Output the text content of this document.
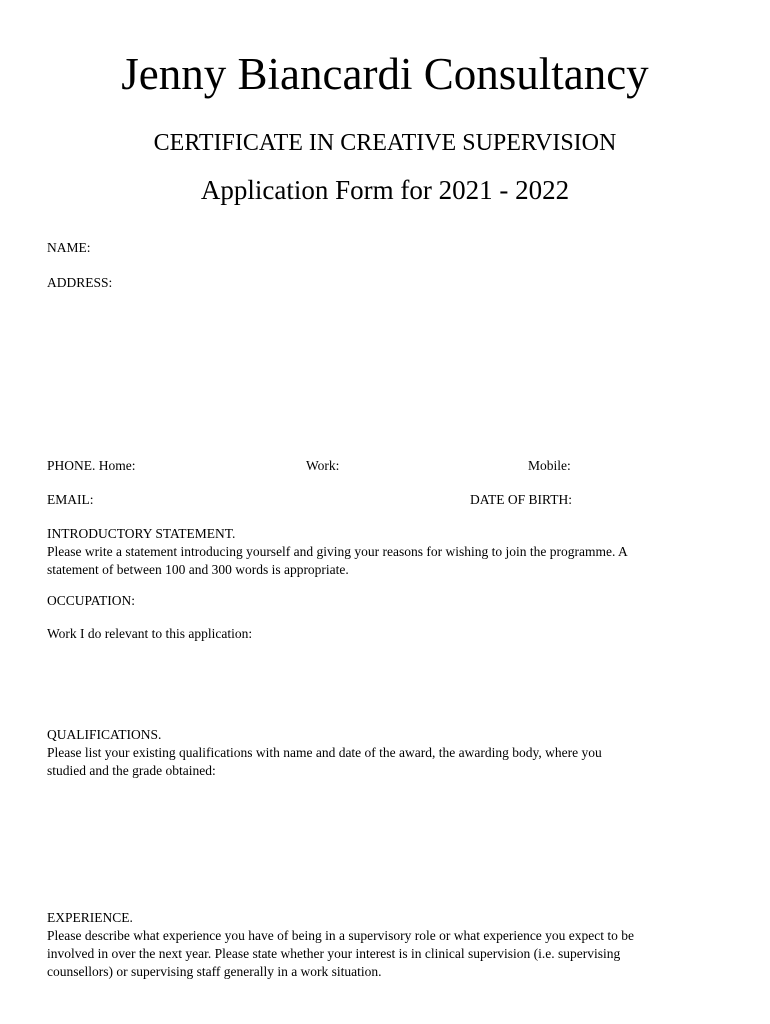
Jenny Biancardi Consultancy
CERTIFICATE IN CREATIVE SUPERVISION
Application Form for 2021 - 2022
NAME:
ADDRESS:
PHONE. Home:	Work:	Mobile:
EMAIL:	DATE OF BIRTH:
INTRODUCTORY STATEMENT.
Please write a statement introducing yourself and giving your reasons for wishing to join the programme. A
statement of between 100 and 300 words is appropriate.
OCCUPATION:
Work I do relevant to this application:
QUALIFICATIONS.
Please list your existing qualifications with name and date of the award, the awarding body, where you
studied and the grade obtained:
EXPERIENCE.
Please describe what experience you have of being in a supervisory role or what experience you expect to be
involved in over the next year. Please state whether your interest is in clinical supervision (i.e. supervising
counsellors) or supervising staff generally in a work situation.
